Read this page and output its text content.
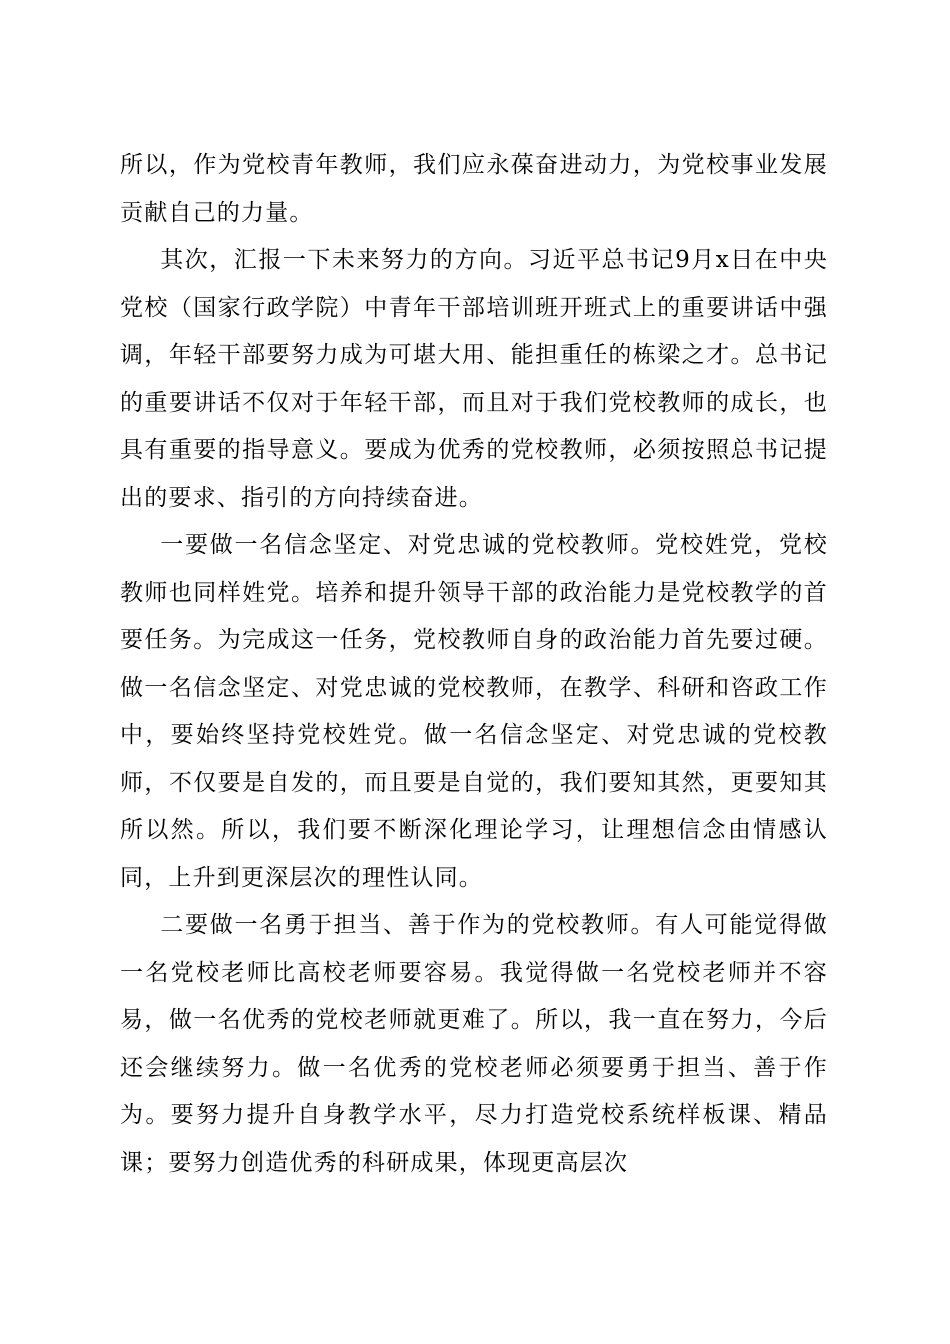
所以，作为党校青年教师，我们应永葆奋进动力，为党校事业发展贡献自己的力量。

其次，汇报一下未来努力的方向。习近平总书记9月x日在中央党校（国家行政学院）中青年干部培训班开班式上的重要讲话中强调，年轻干部要努力成为可堪大用、能担重任的栋梁之才。总书记的重要讲话不仅对于年轻干部，而且对于我们党校教师的成长，也具有重要的指导意义。要成为优秀的党校教师，必须按照总书记提出的要求、指引的方向持续奋进。

一要做一名信念坚定、对党忠诚的党校教师。党校姓党，党校教师也同样姓党。培养和提升领导干部的政治能力是党校教学的首要任务。为完成这一任务，党校教师自身的政治能力首先要过硬。做一名信念坚定、对党忠诚的党校教师，在教学、科研和咨政工作中，要始终坚持党校姓党。做一名信念坚定、对党忠诚的党校教师，不仅要是自发的，而且要是自觉的，我们要知其然，更要知其所以然。所以，我们要不断深化理论学习，让理想信念由情感认同，上升到更深层次的理性认同。

二要做一名勇于担当、善于作为的党校教师。有人可能觉得做一名党校老师比高校老师要容易。我觉得做一名党校老师并不容易，做一名优秀的党校老师就更难了。所以，我一直在努力，今后还会继续努力。做一名优秀的党校老师必须要勇于担当、善于作为。要努力提升自身教学水平，尽力打造党校系统样板课、精品课；要努力创造优秀的科研成果，体现更高层次
